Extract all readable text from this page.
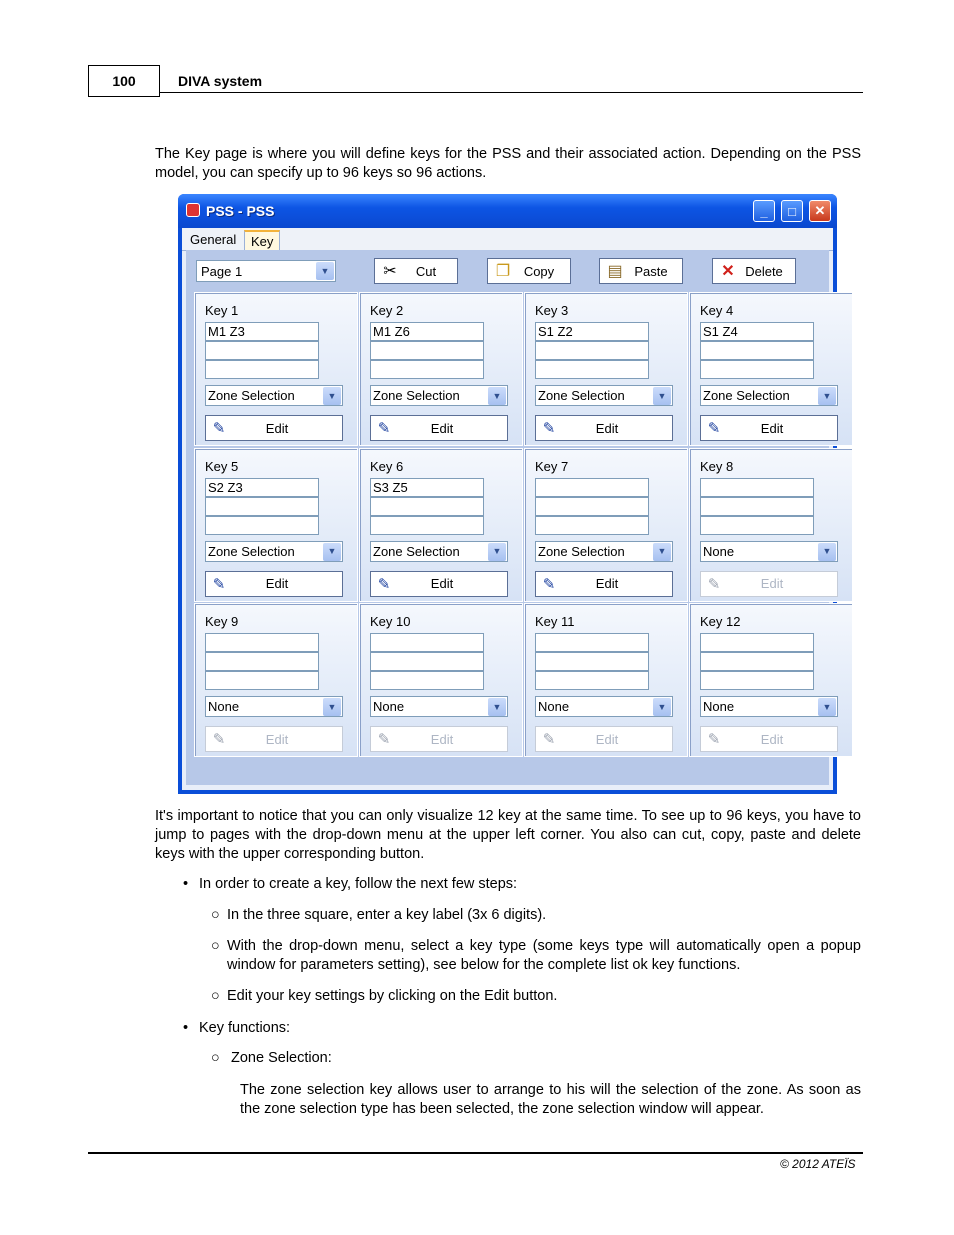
100	DIVA system

The Key page is where you will define keys for the PSS and their associated action. Depending on the PSS model, you can specify up to 96 keys so 96 actions.

PSS - PSS	_	□	✕
General	Key
Page 1	▼	✂	Cut	❐	Copy	▤ Paste	✕ Delete
Key 1
M1 Z3
Zone Selection	▼
✎	Edit
Key 2
M1 Z6
Zone Selection	▼
✎	Edit
Key 3
S1 Z2
Zone Selection	▼
✎	Edit
Key 4
S1 Z4
Zone Selection	▼
✎	Edit
Key 5
S2 Z3
Zone Selection	▼
✎	Edit
Key 6
S3 Z5
Zone Selection	▼
✎	Edit
Key 7
Zone Selection	▼
✎	Edit
Key 8
None	▼
✎	Edit
Key 9
None	▼
✎	Edit
Key 10
None	▼
✎	Edit
Key 11
None	▼
✎	Edit
Key 12
None	▼
✎	Edit

It's important to notice that you can only visualize 12 key at the same time. To see up to 96 keys, you have to jump to pages with the drop-down menu at the upper left corner. You also can cut, copy, paste and delete keys with the upper corresponding button.

• In order to create a key, follow the next few steps:
○ In the three square, enter a key label (3x 6 digits).
○ With the drop-down menu, select a key type (some keys type will automatically open a popup window for parameters setting), see below for the complete list ok key functions.
○ Edit your key settings by clicking on the Edit button.
• Key functions:
○ Zone Selection:

The zone selection key allows user to arrange to his will the selection of the zone. As soon as the zone selection type has been selected, the zone selection window will appear.

© 2012 ATEÏS
